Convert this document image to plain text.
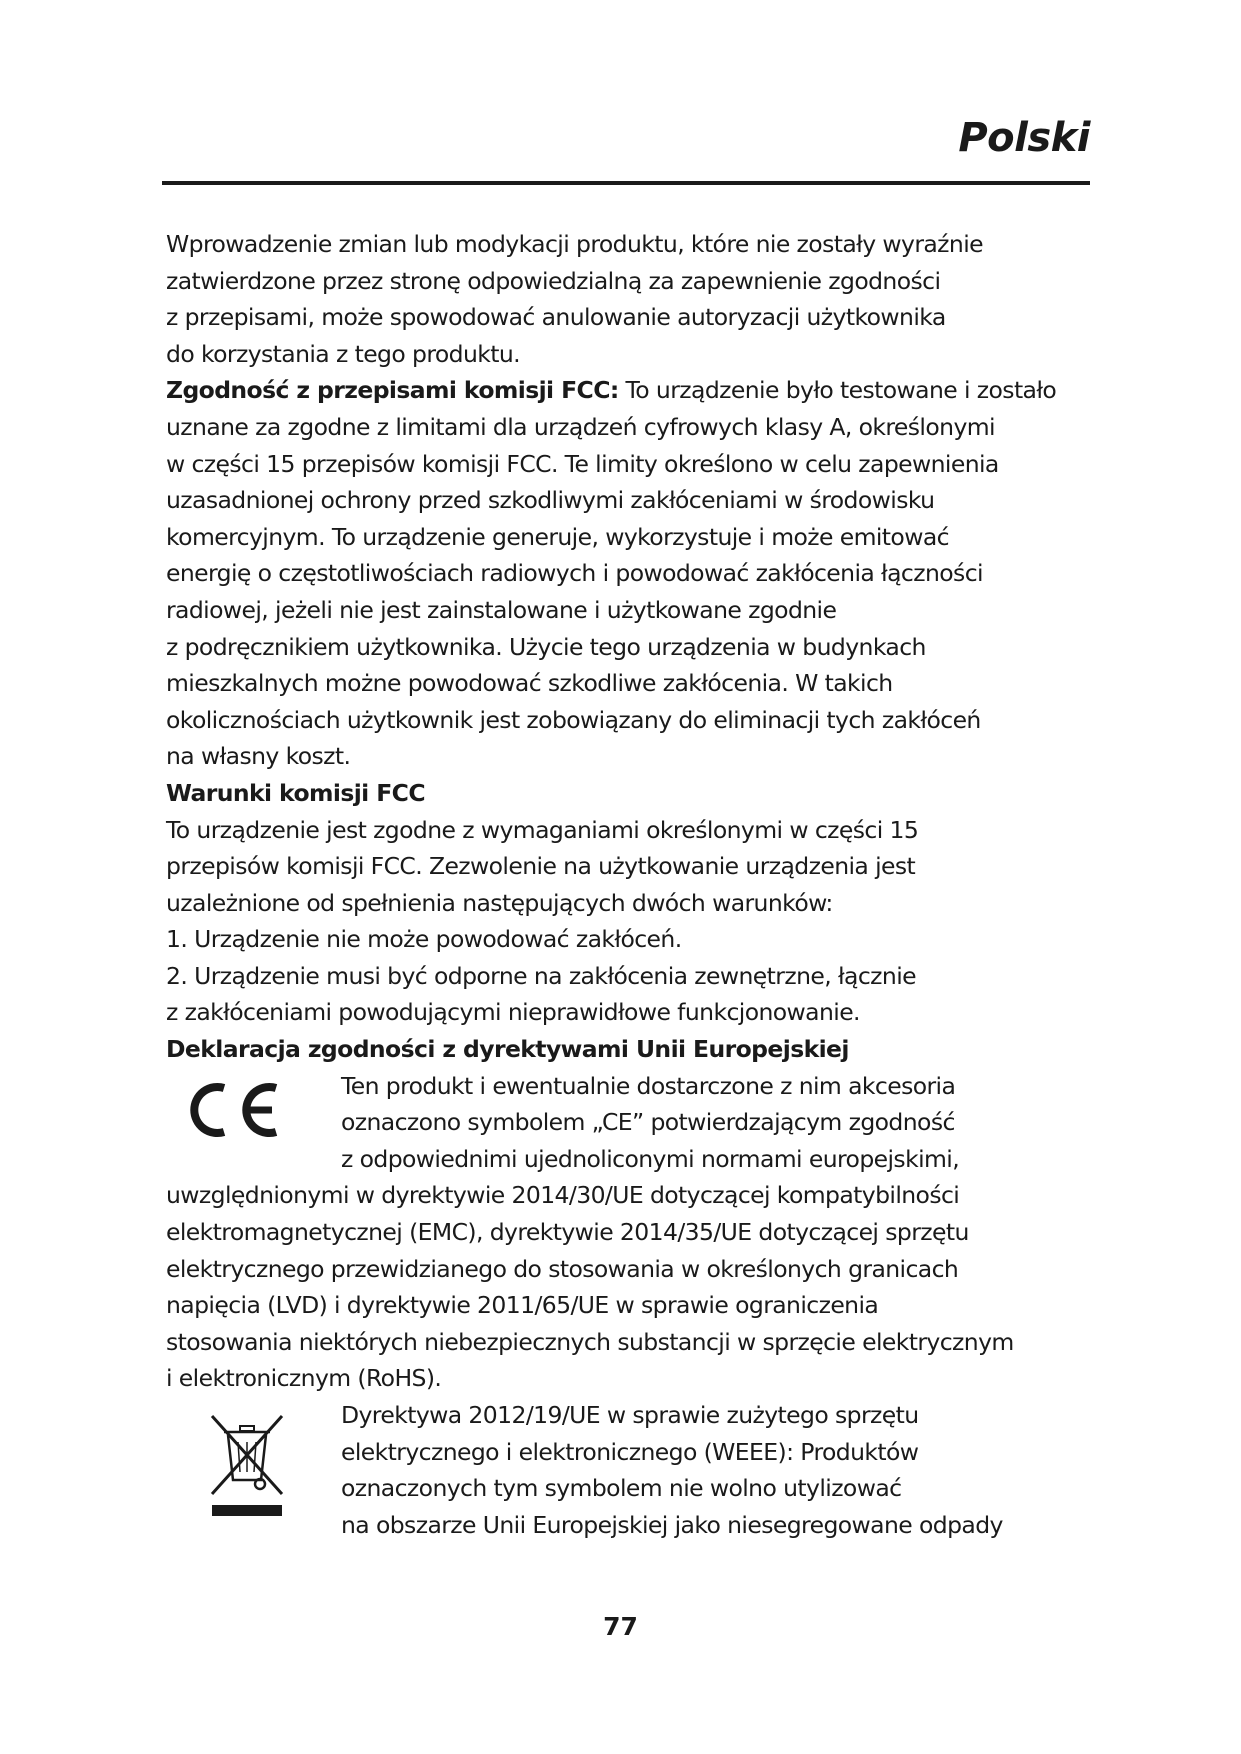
Polski

Wprowadzenie zmian lub modykacji produktu, które nie zostały wyraźnie
zatwierdzone przez stronę odpowiedzialną za zapewnienie zgodności
z przepisami, może spowodować anulowanie autoryzacji użytkownika
do korzystania z tego produktu.

Zgodność z przepisami komisji FCC: To urządzenie było testowane i zostało
uznane za zgodne z limitami dla urządzeń cyfrowych klasy A, określonymi
w części 15 przepisów komisji FCC. Te limity określono w celu zapewnienia
uzasadnionej ochrony przed szkodliwymi zakłóceniami w środowisku
komercyjnym. To urządzenie generuje, wykorzystuje i może emitować
energię o częstotliwościach radiowych i powodować zakłócenia łączności
radiowej, jeżeli nie jest zainstalowane i użytkowane zgodnie
z podręcznikiem użytkownika. Użycie tego urządzenia w budynkach
mieszkalnych możne powodować szkodliwe zakłócenia. W takich
okolicznościach użytkownik jest zobowiązany do eliminacji tych zakłóceń
na własny koszt.

Warunki komisji FCC
To urządzenie jest zgodne z wymaganiami określonymi w części 15
przepisów komisji FCC. Zezwolenie na użytkowanie urządzenia jest
uzależnione od spełnienia następujących dwóch warunków:
1. Urządzenie nie może powodować zakłóceń.
2. Urządzenie musi być odporne na zakłócenia zewnętrzne, łącznie
z zakłóceniami powodującymi nieprawidłowe funkcjonowanie.

Deklaracja zgodności z dyrektywami Unii Europejskiej

Ten produkt i ewentualnie dostarczone z nim akcesoria
oznaczono symbolem „CE” potwierdzającym zgodność
z odpowiednimi ujednoliconymi normami europejskimi,

uwzględnionymi w dyrektywie 2014/30/UE dotyczącej kompatybilności
elektromagnetycznej (EMC), dyrektywie 2014/35/UE dotyczącej sprzętu
elektrycznego przewidzianego do stosowania w określonych granicach
napięcia (LVD) i dyrektywie 2011/65/UE w sprawie ograniczenia
stosowania niektórych niebezpiecznych substancji w sprzęcie elektrycznym
i elektronicznym (RoHS).

Dyrektywa 2012/19/UE w sprawie zużytego sprzętu
elektrycznego i elektronicznego (WEEE): Produktów
oznaczonych tym symbolem nie wolno utylizować
na obszarze Unii Europejskiej jako niesegregowane odpady
77
